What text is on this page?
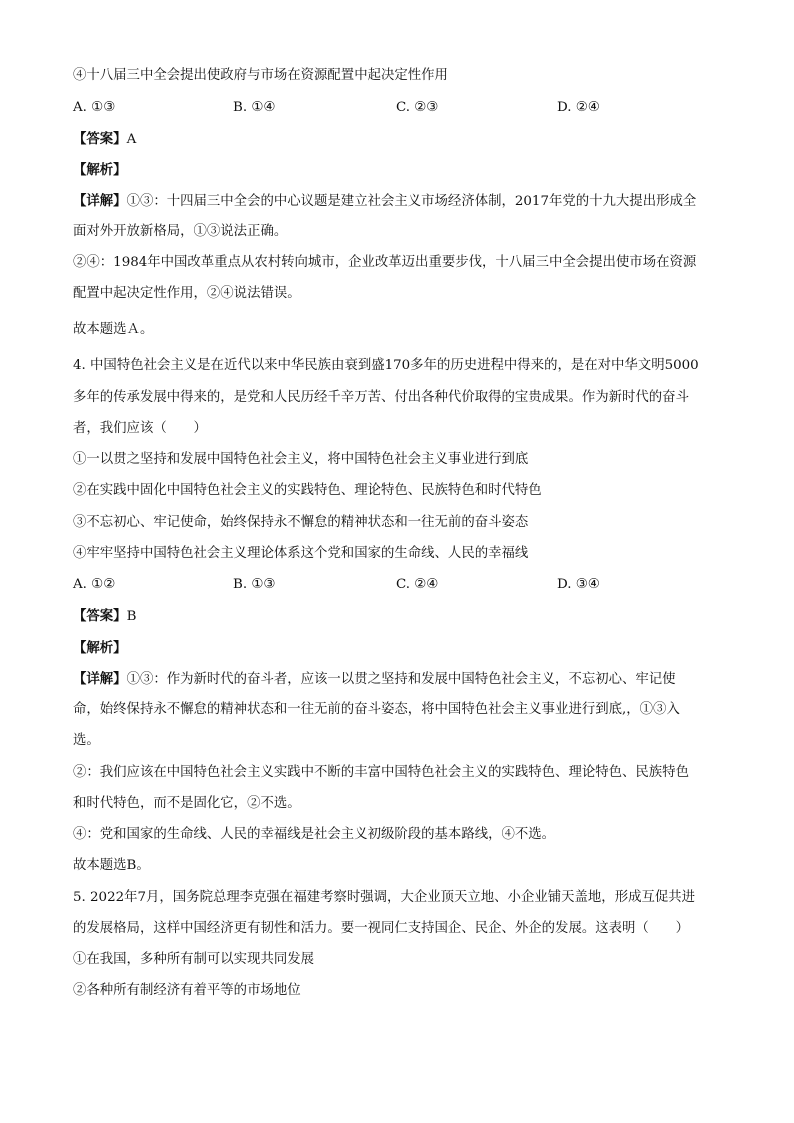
④十八届三中全会提出使政府与市场在资源配置中起决定性作用
A. ①③	B. ①④	C. ②③	D. ②④
【答案】A
【解析】
【详解】①③：十四届三中全会的中心议题是建立社会主义市场经济体制，2017年党的十九大提出形成全
面对外开放新格局，①③说法正确。
②④：1984年中国改革重点从农村转向城市，企业改革迈出重要步伐，十八届三中全会提出使市场在资源
配置中起决定性作用，②④说法错误。
故本题选Ａ。
4. 中国特色社会主义是在近代以来中华民族由衰到盛170多年的历史进程中得来的，是在对中华文明5000
多年的传承发展中得来的，是党和人民历经千辛万苦、付出各种代价取得的宝贵成果。作为新时代的奋斗
者，我们应该（　　）
①一以贯之坚持和发展中国特色社会主义，将中国特色社会主义事业进行到底
②在实践中固化中国特色社会主义的实践特色、理论特色、民族特色和时代特色
③不忘初心、牢记使命，始终保持永不懈怠的精神状态和一往无前的奋斗姿态
④牢牢坚持中国特色社会主义理论体系这个党和国家的生命线、人民的幸福线
A. ①②	B. ①③	C. ②④	D. ③④
【答案】B
【解析】
【详解】①③：作为新时代的奋斗者，应该一以贯之坚持和发展中国特色社会主义，不忘初心、牢记使
命，始终保持永不懈怠的精神状态和一往无前的奋斗姿态，将中国特色社会主义事业进行到底,，①③入
选。
②：我们应该在中国特色社会主义实践中不断的丰富中国特色社会主义的实践特色、理论特色、民族特色
和时代特色，而不是固化它，②不选。
④：党和国家的生命线、人民的幸福线是社会主义初级阶段的基本路线，④不选。
故本题选B。
5. 2022年7月，国务院总理李克强在福建考察时强调，大企业顶天立地、小企业铺天盖地，形成互促共进
的发展格局，这样中国经济更有韧性和活力。要一视同仁支持国企、民企、外企的发展。这表明（　　）
①在我国，多种所有制可以实现共同发展
②各种所有制经济有着平等的市场地位
